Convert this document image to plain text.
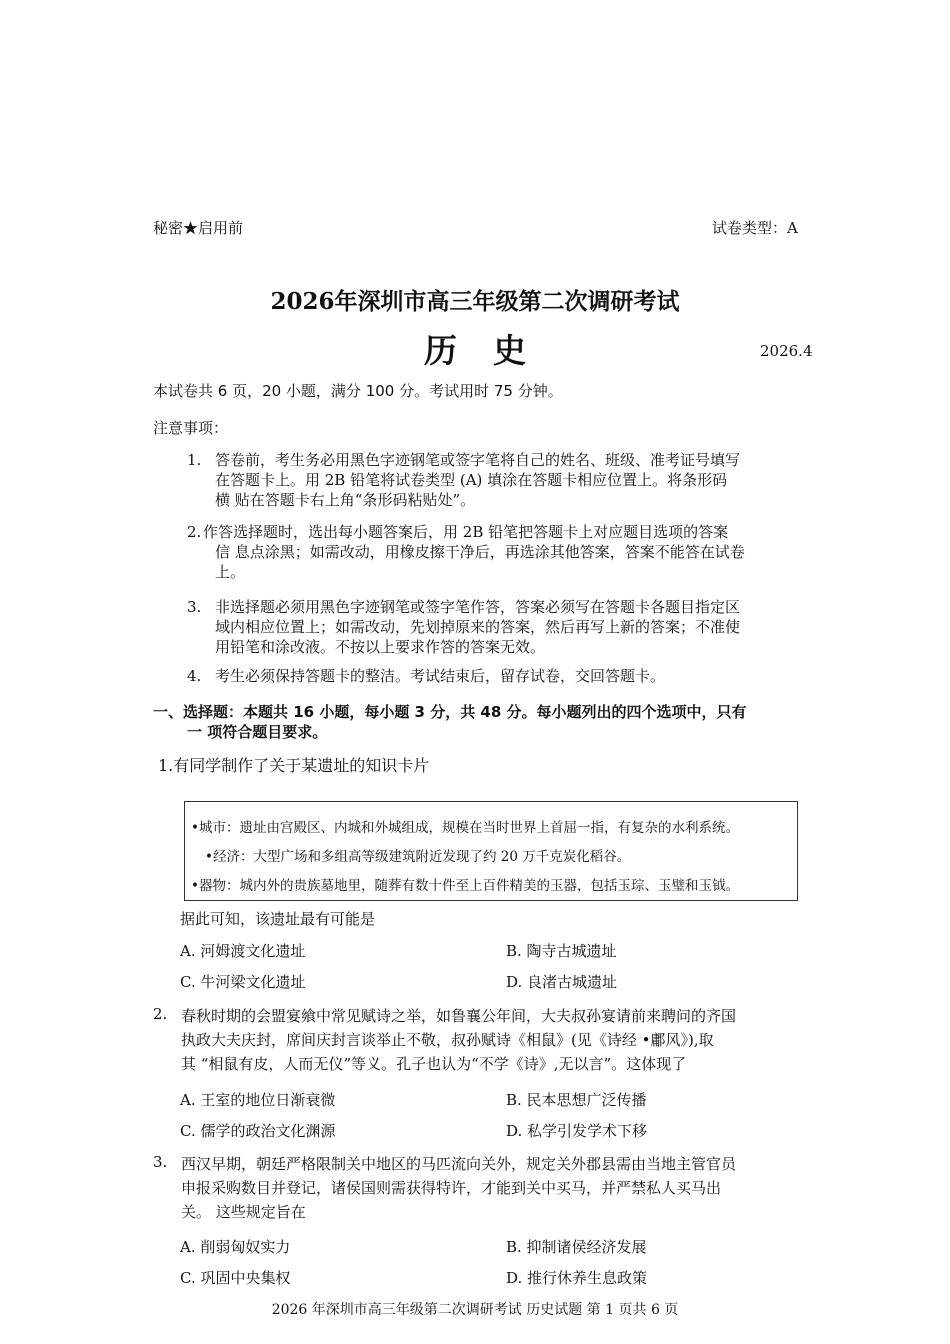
秘密★启用前	试卷类型：A
2026年深圳市高三年级第二次调研考试
历史	2026.4
本试卷共 6 页，20 小题，满分 100 分。考试用时 75 分钟。
注意事项：
1. 答卷前，考生务必用黑色字迹钢笔或签字笔将自己的姓名、班级、准考证号填写
在答题卡上。用 2B 铅笔将试卷类型 (A) 填涂在答题卡相应位置上。将条形码
横 贴在答题卡右上角“条形码粘贴处”。
2. 作答选择题时，选出每小题答案后，用 2B 铅笔把答题卡上对应题目选项的答案
信 息点涂黑；如需改动，用橡皮擦干净后，再选涂其他答案，答案不能答在试卷
上。
3. 非选择题必须用黑色字迹钢笔或签字笔作答，答案必须写在答题卡各题目指定区
域内相应位置上；如需改动，先划掉原来的答案，然后再写上新的答案；不准使
用铅笔和涂改液。不按以上要求作答的答案无效。
4. 考生必须保持答题卡的整洁。考试结束后，留存试卷，交回答题卡。
一、选择题：本题共 16 小题，每小题 3 分，共 48 分。每小题列出的四个选项中，只有
一 项符合题目要求。
1.有同学制作了关于某遗址的知识卡片
•城市：遗址由宫殿区、内城和外城组成，规模在当时世界上首屈一指，有复杂的水利系统。
•经济：大型广场和多组高等级建筑附近发现了约 20 万千克炭化稻谷。
•器物：城内外的贵族墓地里，随葬有数十件至上百件精美的玉器，包括玉琮、玉璧和玉钺。
据此可知，该遗址最有可能是
A. 河姆渡文化遗址	B. 陶寺古城遗址
C. 牛河梁文化遗址	D. 良渚古城遗址
2. 春秋时期的会盟宴飨中常见赋诗之举，如鲁襄公年间，大夫叔孙宴请前来聘问的齐国
执政大夫庆封，席间庆封言谈举止不敬，叔孙赋诗《相鼠》(见《诗经 •鄘风》),取
其 “相鼠有皮，人而无仪”等义。孔子也认为“不学《诗》,无以言”。这体现了
A. 王室的地位日渐衰微	B. 民本思想广泛传播
C. 儒学的政治文化渊源	D. 私学引发学术下移
3. 西汉早期，朝廷严格限制关中地区的马匹流向关外，规定关外郡县需由当地主管官员
申报采购数目并登记，诸侯国则需获得特许，才能到关中买马，并严禁私人买马出
关。 这些规定旨在
A. 削弱匈奴实力	B. 抑制诸侯经济发展
C. 巩固中央集权	D. 推行休养生息政策
2026 年深圳市高三年级第二次调研考试 历史试题 第 1 页共 6 页
